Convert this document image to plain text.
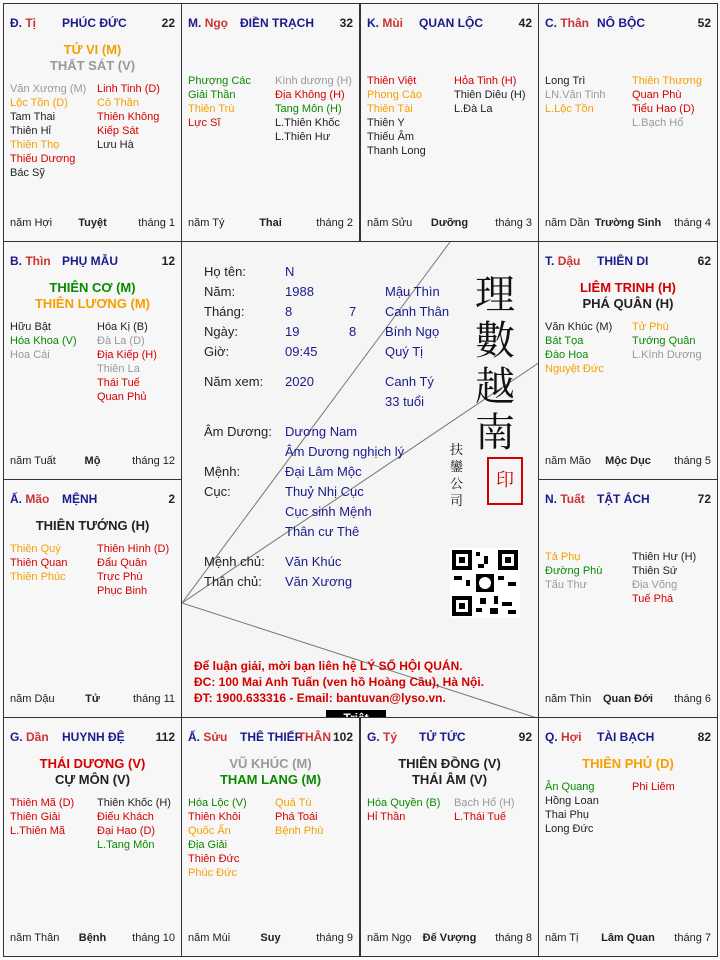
Họ tên:	N
Năm:	1988	Mậu Thìn
Tháng:	8	7 Canh Thân
Ngày:	19	8 Bính Ngọ
Giờ:	09:45	Quý Tị
Năm xem: 2020	Canh Tý
33 tuổi
Âm Dương: Dương Nam
Âm Dương nghịch lý
Mệnh:	Đại Lâm Mộc
Cục:	Thuỷ Nhị Cục
Cục sinh Mệnh
Thân cư Thê
Mệnh chủ: Văn Khúc
Thân chủ: Văn Xương
理
數
越
南
扶 鑾 公 司
印
Để luận giải, mời bạn liên hệ LÝ SỐ HỘI QUÁN.
ĐC: 100 Mai Anh Tuấn (ven hồ Hoàng Cầu), Hà Nội.
ĐT: 1900.633316 - Email: bantuvan@lyso.vn.
Đ. Tị PHÚC ĐỨC	22
TỬ VI (M)
THẤT SÁT (V)
Văn Xương (M)
Lộc Tồn (D)
Tam Thai
Thiên Hỉ
Thiên Thọ
Thiếu Dương
Bác Sỹ
Linh Tinh (D)
Cô Thần
Thiên Không
Kiếp Sát
Lưu Hà
năm Hợi	Tuyệt	tháng 1
M. Ngọ ĐIỀN TRẠCH 32
Phượng Các
Giải Thần
Thiên Trù
Lực Sĩ
Kình dương (H)
Địa Không (H)
Tang Môn (H)
L.Thiên Khốc
L.Thiên Hư
năm Tý	Thai	tháng 2
K. Mùi QUAN LỘC	42
Thiên Việt
Phong Cáo
Thiên Tài
Thiên Y
Thiếu Âm
Thanh Long
Hỏa Tinh (H)
Thiên Diêu (H)
L.Đà La
năm Sửu	Dưỡng	tháng 3
C. Thân NÔ BỘC	52
Long Trì
LN.Văn Tinh
L.Lộc Tồn
Thiên Thương
Quan Phù
Tiểu Hao (D)
L.Bạch Hổ
năm Dần Trường Sinh	tháng 4
T. Dậu THIÊN DI	62
LIÊM TRINH (H)
PHÁ QUÂN (H)
Văn Khúc (M)
Bát Tọa
Đào Hoa
Nguyệt Đức
Tử Phù
Tướng Quân
L.Kình Dương
năm Mão	Mộc Dục	tháng 5
N. Tuất TẬT ÁCH	72
Tả Phụ
Đường Phù
Tấu Thư
Thiên Hư (H)
Thiên Sứ
Địa Võng
Tuế Phá
năm Thìn	Quan Đới	tháng 6
Q. Hợi TÀI BẠCH	82
THIÊN PHỦ (D)
Ân Quang
Hồng Loan
Thai Phụ
Long Đức
Phi Liêm
năm Tị	Lâm Quan	tháng 7
G. Tý TỬ TỨC	92
THIÊN ĐỒNG (V)
THÁI ÂM (V)
Hóa Quyền (B)
Hỉ Thần
Bạch Hổ (H)
L.Thái Tuế
năm Ngọ	Đế Vượng	tháng 8
Ấ. Sửu THÊ THIẾP	102
THÂN
VŨ KHÚC (M)
THAM LANG (M)
Hóa Lộc (V)
Thiên Khôi
Quốc Ấn
Địa Giải
Thiên Đức
Phúc Đức
Quả Tú
Phá Toái
Bệnh Phù
năm Mùi	Suy	tháng 9
G. Dần HUYNH ĐỆ	112
THÁI DƯƠNG (V)
CỰ MÔN (V)
Thiên Mã (D)
Thiên Giải
L.Thiên Mã
Thiên Khốc (H)
Điếu Khách
Đại Hao (D)
L.Tang Môn
năm Thân	Bệnh	tháng 10
Ấ. Mão MỆNH	2
THIÊN TƯỚNG (H)
Thiên Quý
Thiên Quan
Thiên Phúc
Thiên Hình (D)
Đẩu Quân
Trực Phù
Phục Binh
năm Dậu	Tử	tháng 11
B. Thìn PHỤ MẪU	12
THIÊN CƠ (M)
THIÊN LƯƠNG (M)
Hữu Bật
Hóa Khoa (V)
Hoa Cái
Hóa Kị (B)
Đà La (D)
Địa Kiếp (H)
Thiên La
Thái Tuế
Quan Phủ
năm Tuất	Mộ	tháng 12
